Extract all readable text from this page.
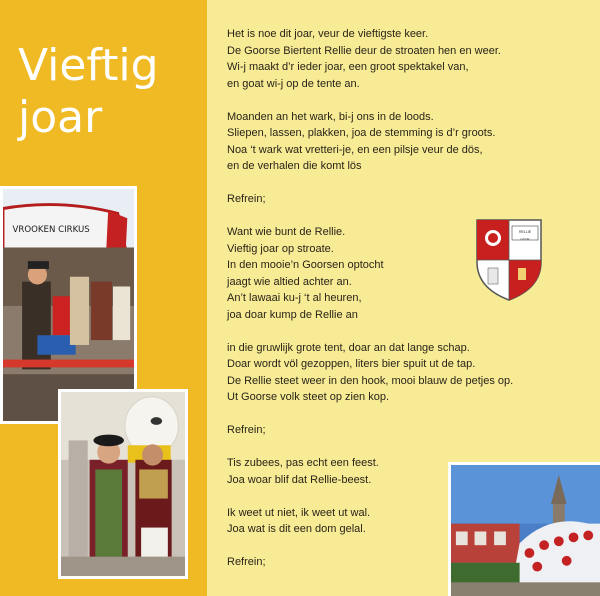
Vieftig
joar
VROOKEN CIRKUS
Het is noe dit joar, veur de vieftigste keer.
De Goorse Biertent Rellie deur de stroaten hen en weer.
Wi-j maakt d’r ieder joar, een groot spektakel van,
en goat wi-j op de tente an.
Moanden an het wark, bi-j ons in de loods.
Sliepen, lassen, plakken, joa de stemming is d’r groots.
Noa ‘t wark wat vretteri-je, en een pilsje veur de dös,
en de verhalen die komt lös
Refrein;
Want wie bunt de Rellie.
Vieftig joar op stroate.
In den mooie’n Goorsen optocht
jaagt wie altied achter an.
An’t lawaai ku-j ‘t al heuren,
joa doar kump de Rellie an
in die gruwlijk grote tent, doar an dat lange schap.
Doar wordt völ gezoppen, liters bier spuit ut de tap.
De Rellie steet weer in den hook, mooi blauw de petjes op.
Ut Goorse volk steet op zien kop.
Refrein;
Tis zubees, pas echt een feest.
Joa woar blif dat Rellie-beest.
Ik weet ut niet, ik weet ut wal.
Joa wat is dit een dom gelal.
Refrein;
RELLIE
GOOR
